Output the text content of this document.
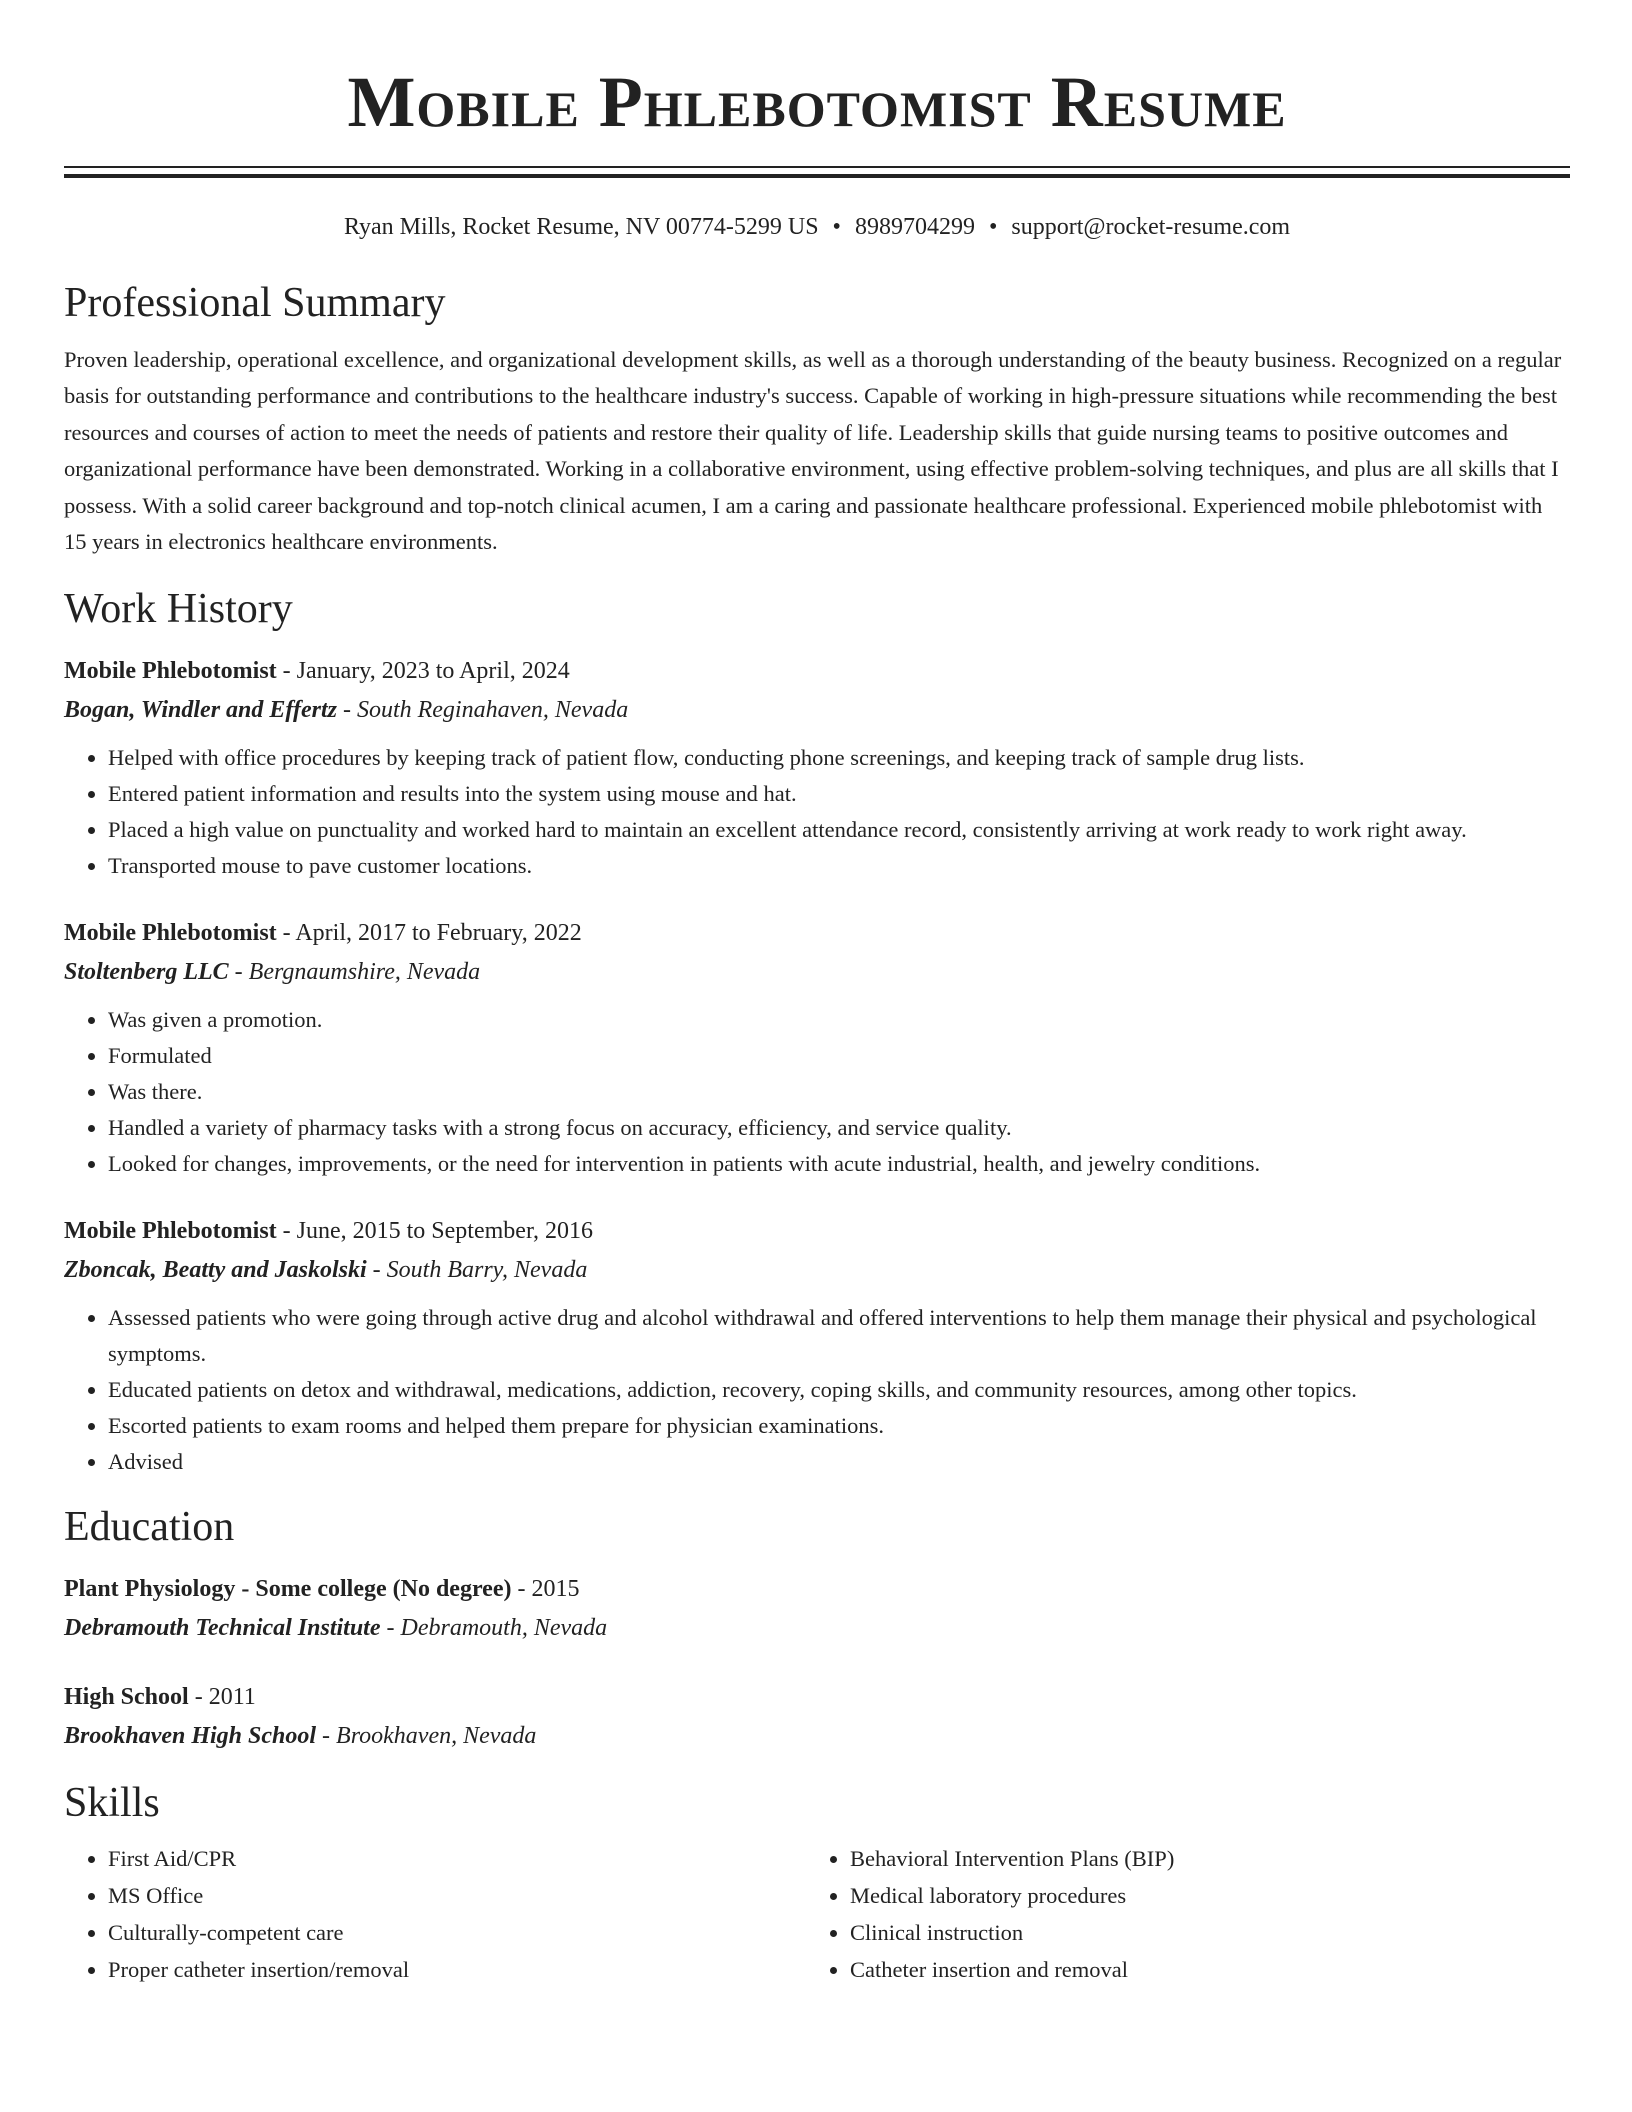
Mobile Phlebotomist Resume
Ryan Mills, Rocket Resume, NV 00774-5299 US • 8989704299 • support@rocket-resume.com
Professional Summary
Proven leadership, operational excellence, and organizational development skills, as well as a thorough understanding of the beauty business. Recognized on a regular basis for outstanding performance and contributions to the healthcare industry's success. Capable of working in high-pressure situations while recommending the best resources and courses of action to meet the needs of patients and restore their quality of life. Leadership skills that guide nursing teams to positive outcomes and organizational performance have been demonstrated. Working in a collaborative environment, using effective problem-solving techniques, and plus are all skills that I possess. With a solid career background and top-notch clinical acumen, I am a caring and passionate healthcare professional. Experienced mobile phlebotomist with 15 years in electronics healthcare environments.
Work History
Mobile Phlebotomist - January, 2023 to April, 2024
Bogan, Windler and Effertz - South Reginahaven, Nevada
• Helped with office procedures by keeping track of patient flow, conducting phone screenings, and keeping track of sample drug lists.
• Entered patient information and results into the system using mouse and hat.
• Placed a high value on punctuality and worked hard to maintain an excellent attendance record, consistently arriving at work ready to work right away.
• Transported mouse to pave customer locations.
Mobile Phlebotomist - April, 2017 to February, 2022
Stoltenberg LLC - Bergnaumshire, Nevada
• Was given a promotion.
• Formulated
• Was there.
• Handled a variety of pharmacy tasks with a strong focus on accuracy, efficiency, and service quality.
• Looked for changes, improvements, or the need for intervention in patients with acute industrial, health, and jewelry conditions.
Mobile Phlebotomist - June, 2015 to September, 2016
Zboncak, Beatty and Jaskolski - South Barry, Nevada
• Assessed patients who were going through active drug and alcohol withdrawal and offered interventions to help them manage their physical and psychological symptoms.
• Educated patients on detox and withdrawal, medications, addiction, recovery, coping skills, and community resources, among other topics.
• Escorted patients to exam rooms and helped them prepare for physician examinations.
• Advised
Education
Plant Physiology - Some college (No degree) - 2015
Debramouth Technical Institute - Debramouth, Nevada
High School - 2011
Brookhaven High School - Brookhaven, Nevada
Skills
• First Aid/CPR
• MS Office
• Culturally-competent care
• Proper catheter insertion/removal
• Behavioral Intervention Plans (BIP)
• Medical laboratory procedures
• Clinical instruction
• Catheter insertion and removal
